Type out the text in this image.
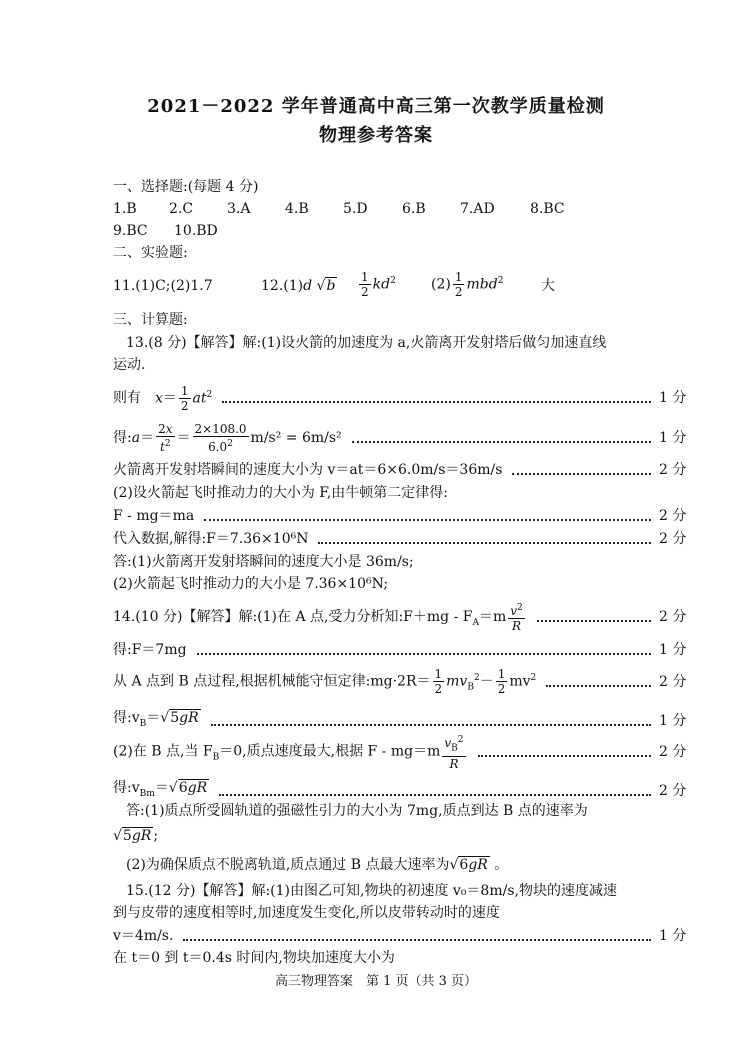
2021－2022 学年普通高中高三第一次教学质量检测
物理参考答案
一、选择题:(每题 4 分)
1.B 2.C 3.A 4.B 5.D 6.B 7.AD	8.BC
9.BC 10.BD
二、实验题:
11.(1)C;(2)1.7	12.(1)d $√b \frac{1}{2} kd^2$	$(2) \frac{1}{2} mbd^2$	大
三、计算题:
13.(8 分)【解答】解:(1)设火箭的加速度为 a,火箭离开发射塔后做匀加速直线
运动.
则有 $x= \frac{1}{2} at^2$	1 分
得:a＝ $\frac{2x}{t^2} = \frac{2\times 108.0}{6.0^2} m/s^2 = 6m/s^2$	1 分
火箭离开发射塔瞬间的速度大小为 v＝at＝6×6.0m/s＝36m/s	2 分
(2)设火箭起飞时推动力的大小为 F,由牛顿第二定律得:
F - mg＝ma	2 分
代入数据,解得:F＝7.36×10⁶N	2 分
答:(1)火箭离开发射塔瞬间的速度大小是 36m/s;
(2)火箭起飞时推动力的大小是 7.36×10⁶N;
14.(10 分)【解答】解:(1)在 A 点,受力分析知:F＋mg - $F_A=m \frac{v^2}{R}$	2 分
得:F＝7mg	1 分
从 A 点到 B 点过程,根据机械能守恒定律:mg·2R＝ $\frac{1}{2} mv_B^2- \frac{1}{2} mv^2$	2 分
得$:v_B=√5gR$	1 分
(2)在 B 点,当 $F_B=0$,质点速度最大,根据 $F - mg=m \frac{v_B^2}{R}$	2 分
得$:v_{Bm}=√6gR$	2 分
答:(1)质点所受圆轨道的强磁性引力的大小为 7mg,质点到达 B 点的速率为
√5gR ;
(2)为确保质点不脱离轨道,质点通过 B 点最大速率为√6gR 。
15.(12 分)【解答】解:(1)由图乙可知,物块的初速度 v₀＝8m/s,物块的速度减速
到与皮带的速度相等时,加速度发生变化,所以皮带转动时的速度
v＝4m/s.	1 分
在 t＝0 到 t＝0.4s 时间内,物块加速度大小为
高三物理答案　第 1 页（共 3 页）
